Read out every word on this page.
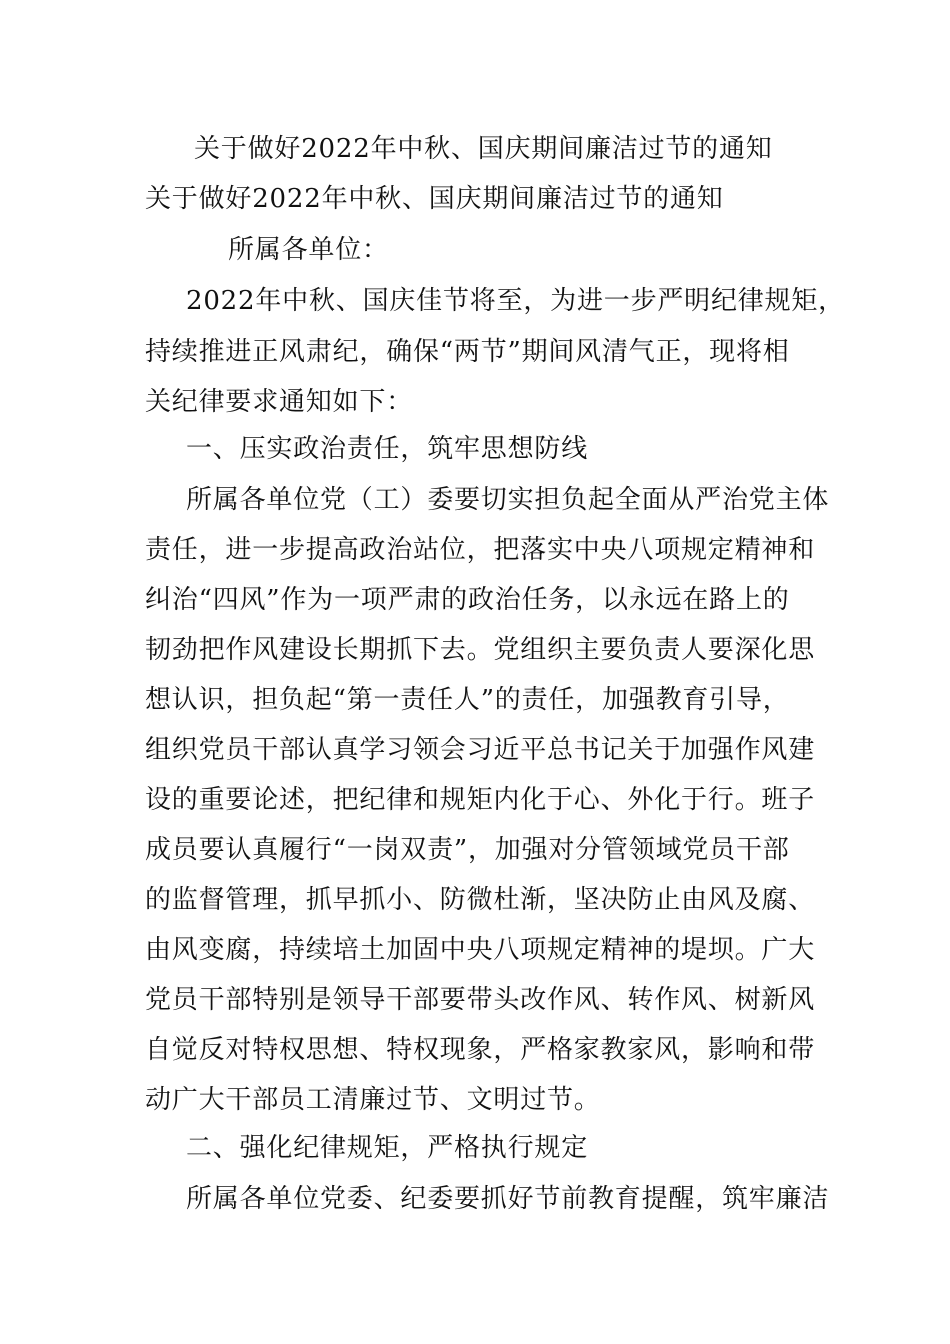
关于做好2022年中秋、国庆期间廉洁过节的通知
关于做好2022年中秋、国庆期间廉洁过节的通知
所属各单位：
2022年中秋、国庆佳节将至，为进一步严明纪律规矩，
持续推进正风肃纪，确保“两节”期间风清气正，现将相
关纪律要求通知如下：
一、压实政治责任，筑牢思想防线
所属各单位党（工）委要切实担负起全面从严治党主体
责任，进一步提高政治站位，把落实中央八项规定精神和
纠治“四风”作为一项严肃的政治任务，以永远在路上的
韧劲把作风建设长期抓下去。党组织主要负责人要深化思
想认识，担负起“第一责任人”的责任，加强教育引导，
组织党员干部认真学习领会习近平总书记关于加强作风建
设的重要论述，把纪律和规矩内化于心、外化于行。班子
成员要认真履行“一岗双责”，加强对分管领域党员干部
的监督管理，抓早抓小、防微杜渐，坚决防止由风及腐、
由风变腐，持续培土加固中央八项规定精神的堤坝。广大
党员干部特别是领导干部要带头改作风、转作风、树新风
自觉反对特权思想、特权现象，严格家教家风，影响和带
动广大干部员工清廉过节、文明过节。
二、强化纪律规矩，严格执行规定
所属各单位党委、纪委要抓好节前教育提醒，筑牢廉洁
